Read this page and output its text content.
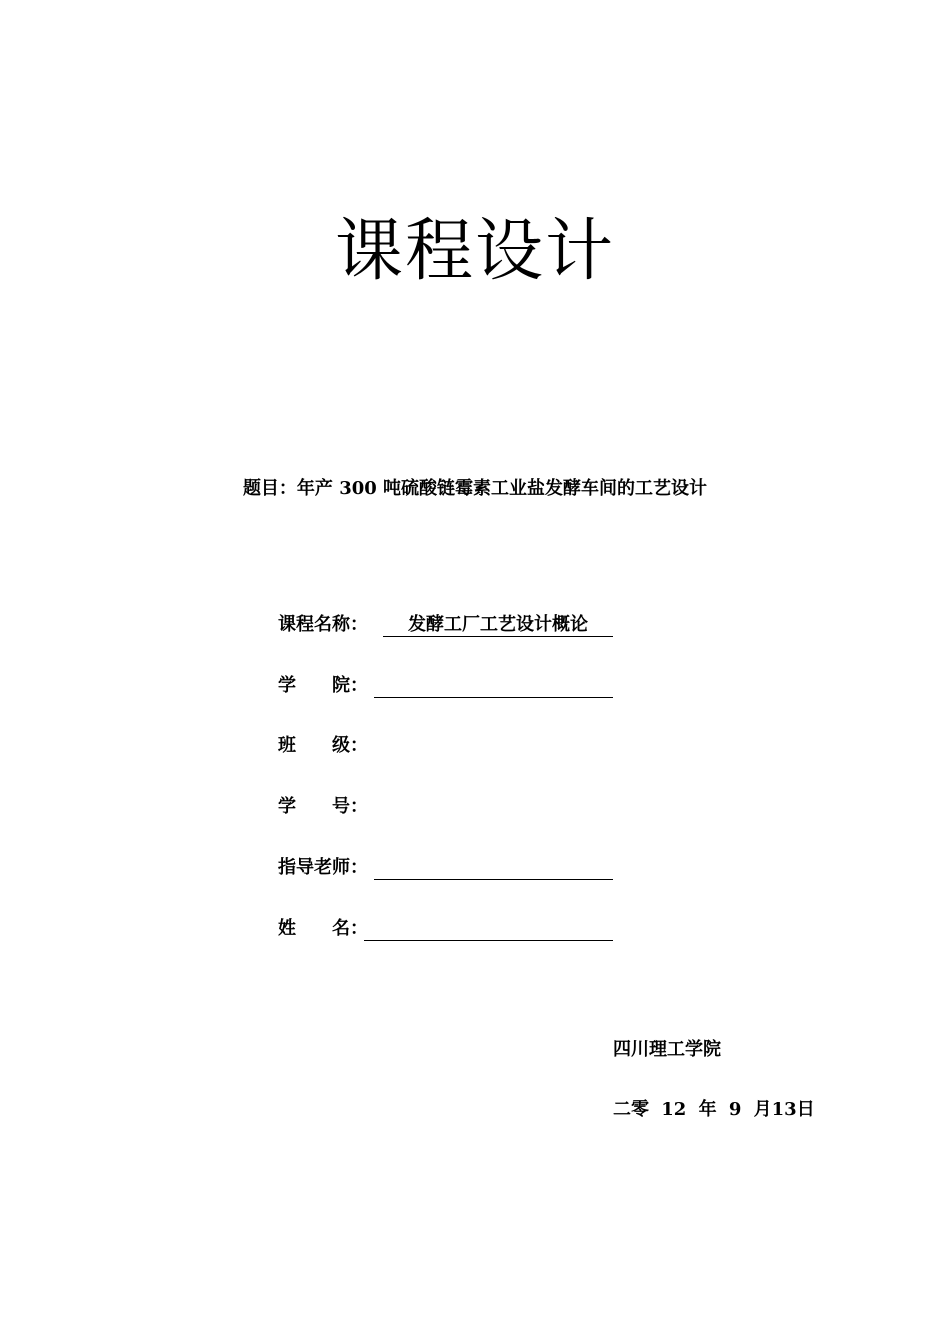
课程设计
题目：年产 300 吨硫酸链霉素工业盐发酵车间的工艺设计
课程名称：	发酵工厂工艺设计概论
学　　院：
班　　级：
学　　号：
指导老师：
姓　　名：
四川理工学院
二零 12 年 9 月13日
